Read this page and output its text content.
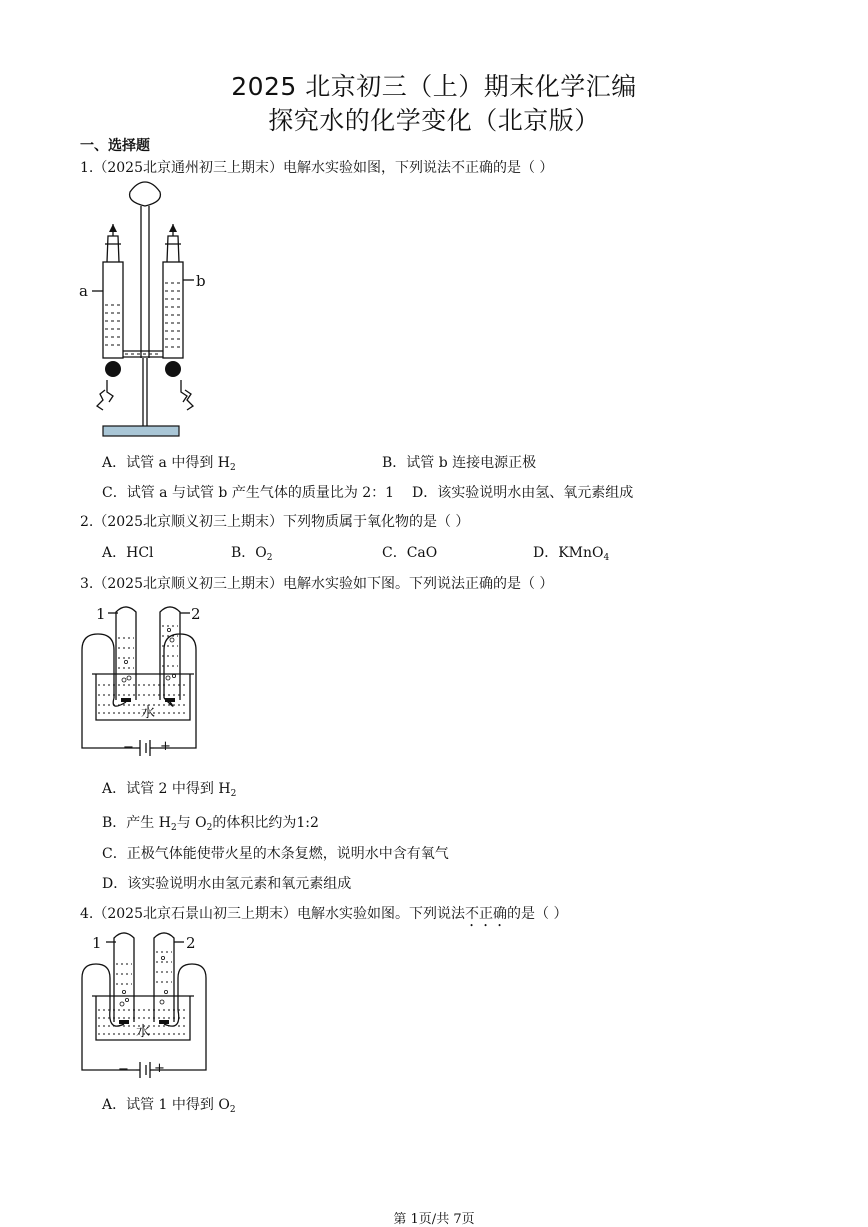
2025 北京初三（上）期末化学汇编
探究水的化学变化（北京版）
一、选择题
1.（2025北京通州初三上期末）电解水实验如图，下列说法不正确的是（ ）
a
b
A．试管 a 中得到 $H_2$	B．试管 b 连接电源正极
C．试管 a 与试管 b 产生气体的质量比为 2：1 D．该实验说明水由氢、氧元素组成
2.（2025北京顺义初三上期末）下列物质属于氧化物的是（ ）
A．HCl	B．$O_2$	C．CaO	D．KMnO$_4$
3.（2025北京顺义初三上期末）电解水实验如下图。下列说法正确的是（ ）
1	2
水
− +
A．试管 2 中得到 $H_2$
B．产生 $H_2$与 $O_2$的体积比约为1:2
C．正极气体能使带火星的木条复燃，说明水中含有氧气
D．该实验说明水由氢元素和氧元素组成
4.（2025北京石景山初三上期末）电解水实验如图。下列说法不正确的是（ ）
1	2
水
− +
A．试管 1 中得到 $O_2$
第 1页/共 7页
